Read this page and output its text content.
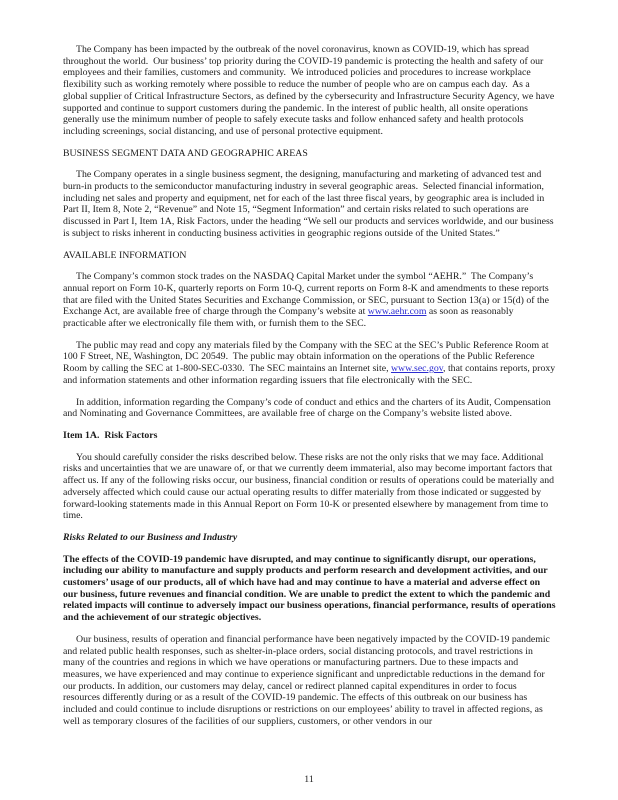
The Company has been impacted by the outbreak of the novel coronavirus, known as COVID-19, which has spread throughout the world.  Our business’ top priority during the COVID-19 pandemic is protecting the health and safety of our employees and their families, customers and community.  We introduced policies and procedures to increase workplace flexibility such as working remotely where possible to reduce the number of people who are on campus each day.  As a global supplier of Critical Infrastructure Sectors, as defined by the cybersecurity and Infrastructure Security Agency, we have supported and continue to support customers during the pandemic. In the interest of public health, all onsite operations generally use the minimum number of people to safely execute tasks and follow enhanced safety and health protocols including screenings, social distancing, and use of personal protective equipment.
BUSINESS SEGMENT DATA AND GEOGRAPHIC AREAS
The Company operates in a single business segment, the designing, manufacturing and marketing of advanced test and burn-in products to the semiconductor manufacturing industry in several geographic areas.  Selected financial information, including net sales and property and equipment, net for each of the last three fiscal years, by geographic area is included in Part II, Item 8, Note 2, “Revenue” and Note 15, “Segment Information” and certain risks related to such operations are discussed in Part I, Item 1A, Risk Factors, under the heading “We sell our products and services worldwide, and our business is subject to risks inherent in conducting business activities in geographic regions outside of the United States.”
AVAILABLE INFORMATION
The Company’s common stock trades on the NASDAQ Capital Market under the symbol “AEHR.”  The Company’s annual report on Form 10-K, quarterly reports on Form 10-Q, current reports on Form 8-K and amendments to these reports that are filed with the United States Securities and Exchange Commission, or SEC, pursuant to Section 13(a) or 15(d) of the Exchange Act, are available free of charge through the Company’s website at www.aehr.com as soon as reasonably practicable after we electronically file them with, or furnish them to the SEC.
The public may read and copy any materials filed by the Company with the SEC at the SEC’s Public Reference Room at 100 F Street, NE, Washington, DC 20549.  The public may obtain information on the operations of the Public Reference Room by calling the SEC at 1-800-SEC-0330.  The SEC maintains an Internet site, www.sec.gov, that contains reports, proxy and information statements and other information regarding issuers that file electronically with the SEC.
In addition, information regarding the Company’s code of conduct and ethics and the charters of its Audit, Compensation and Nominating and Governance Committees, are available free of charge on the Company’s website listed above.
Item 1A.  Risk Factors
You should carefully consider the risks described below. These risks are not the only risks that we may face. Additional risks and uncertainties that we are unaware of, or that we currently deem immaterial, also may become important factors that affect us. If any of the following risks occur, our business, financial condition or results of operations could be materially and adversely affected which could cause our actual operating results to differ materially from those indicated or suggested by forward-looking statements made in this Annual Report on Form 10-K or presented elsewhere by management from time to time.
Risks Related to our Business and Industry
The effects of the COVID-19 pandemic have disrupted, and may continue to significantly disrupt, our operations, including our ability to manufacture and supply products and perform research and development activities, and our customers’ usage of our products, all of which have had and may continue to have a material and adverse effect on our business, future revenues and financial condition. We are unable to predict the extent to which the pandemic and related impacts will continue to adversely impact our business operations, financial performance, results of operations and the achievement of our strategic objectives.
Our business, results of operation and financial performance have been negatively impacted by the COVID-19 pandemic and related public health responses, such as shelter-in-place orders, social distancing protocols, and travel restrictions in many of the countries and regions in which we have operations or manufacturing partners. Due to these impacts and measures, we have experienced and may continue to experience significant and unpredictable reductions in the demand for our products. In addition, our customers may delay, cancel or redirect planned capital expenditures in order to focus resources differently during or as a result of the COVID-19 pandemic. The effects of this outbreak on our business has included and could continue to include disruptions or restrictions on our employees’ ability to travel in affected regions, as well as temporary closures of the facilities of our suppliers, customers, or other vendors in our
11
